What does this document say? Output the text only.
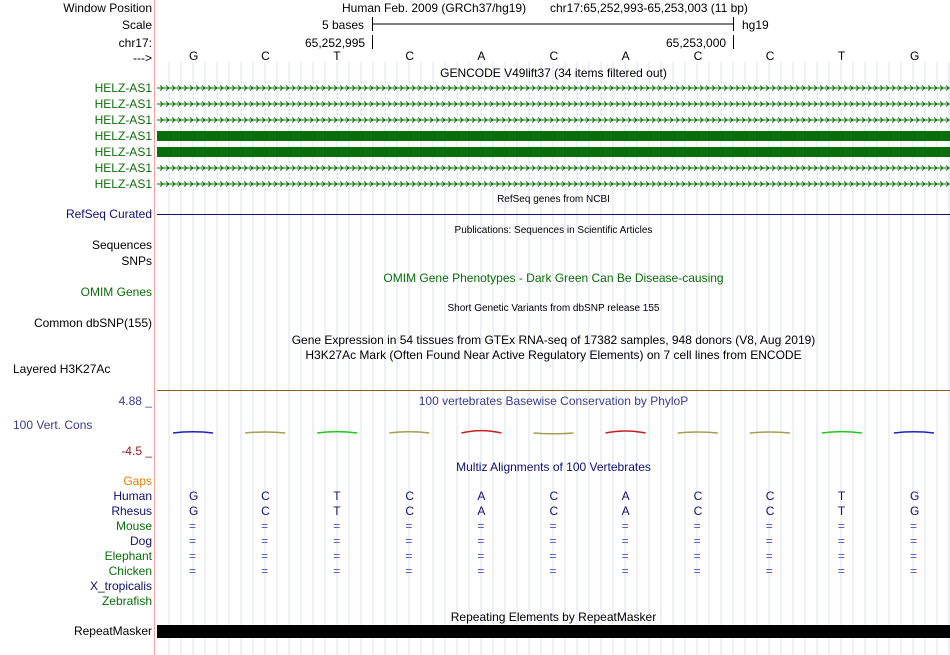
Window Position
Scale
chr17:
--->
Human Feb. 2009 (GRCh37/hg19) chr17:65,252,993-65,253,003 (11 bp)
5 bases	hg19
65,252,995	65,253,000
G	C	T	C	A	C	A	C	C	T	G
GENCODE V49lift37 (34 items filtered out)
HELZ-AS1
HELZ-AS1
HELZ-AS1
HELZ-AS1
HELZ-AS1
HELZ-AS1
HELZ-AS1
RefSeq genes from NCBI
RefSeq Curated
Publications: Sequences in Scientific Articles
Sequences
SNPs
OMIM Gene Phenotypes - Dark Green Can Be Disease-causing
OMIM Genes
Short Genetic Variants from dbSNP release 155
Common dbSNP(155)
Gene Expression in 54 tissues from GTEx RNA-seq of 17382 samples, 948 donors (V8, Aug 2019)
H3K27Ac Mark (Often Found Near Active Regulatory Elements) on 7 cell lines from ENCODE
Layered H3K27Ac
100 vertebrates Basewise Conservation by PhyloP
4.88 _
100 Vert. Cons
-4.5 _
Multiz Alignments of 100 Vertebrates
Gaps
Human	G	C	T	C	A	C	A	C	C	T	G
Rhesus	G	C	T	C	A	C	A	C	C	T	G
Mouse	=	=	=	=	=	=	=	=	=	=	=
Dog	=	=	=	=	=	=	=	=	=	=	=
Elephant	=	=	=	=	=	=	=	=	=	=	=
Chicken	=	=	=	=	=	=	=	=	=	=	=
X_tropicalis
Zebrafish
Repeating Elements by RepeatMasker
RepeatMasker
